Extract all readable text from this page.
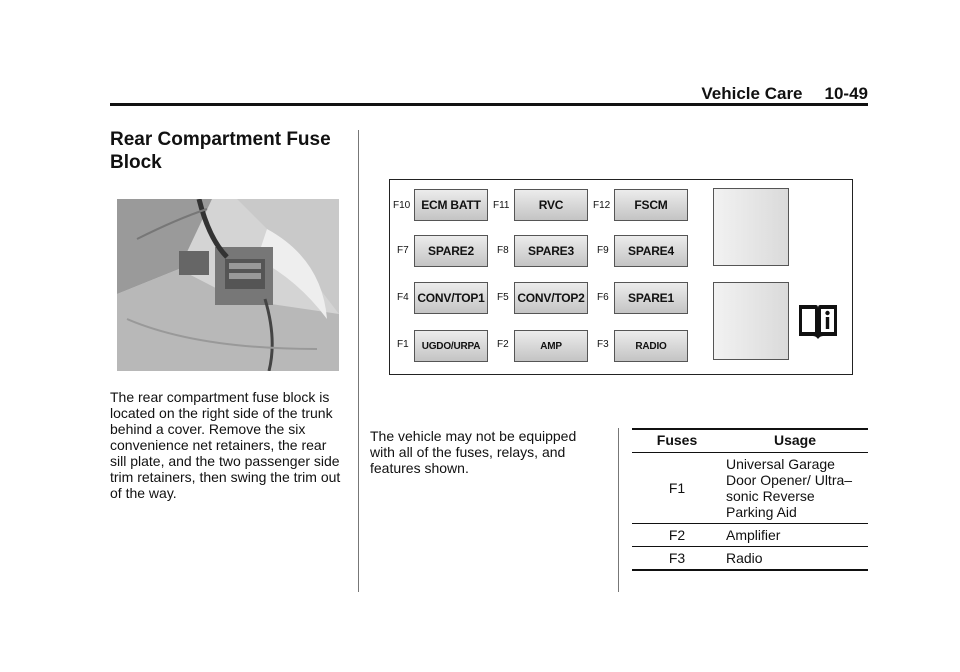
Vehicle Care 10-49
Rear Compartment Fuse Block
The rear compartment fuse block is located on the right side of the trunk behind a cover. Remove the six convenience net retainers, the rear sill plate, and the two passenger side trim retainers, then swing the trim out of the way.
F10 ECM BATT	F11	RVC	F12	FSCM
F7	SPARE2	F8	SPARE3	F9	SPARE4
F4 CONV/TOP1	F5 CONV/TOP2	F6	SPARE1
F1	UGDO/URPA	F2	AMP	F3	RADIO
The vehicle may not be equipped with all of the fuses, relays, and features shown.
Fuses	Usage
F1	Universal Garage Door Opener/ Ultra–sonic Reverse Parking Aid
F2	Amplifier
F3	Radio
